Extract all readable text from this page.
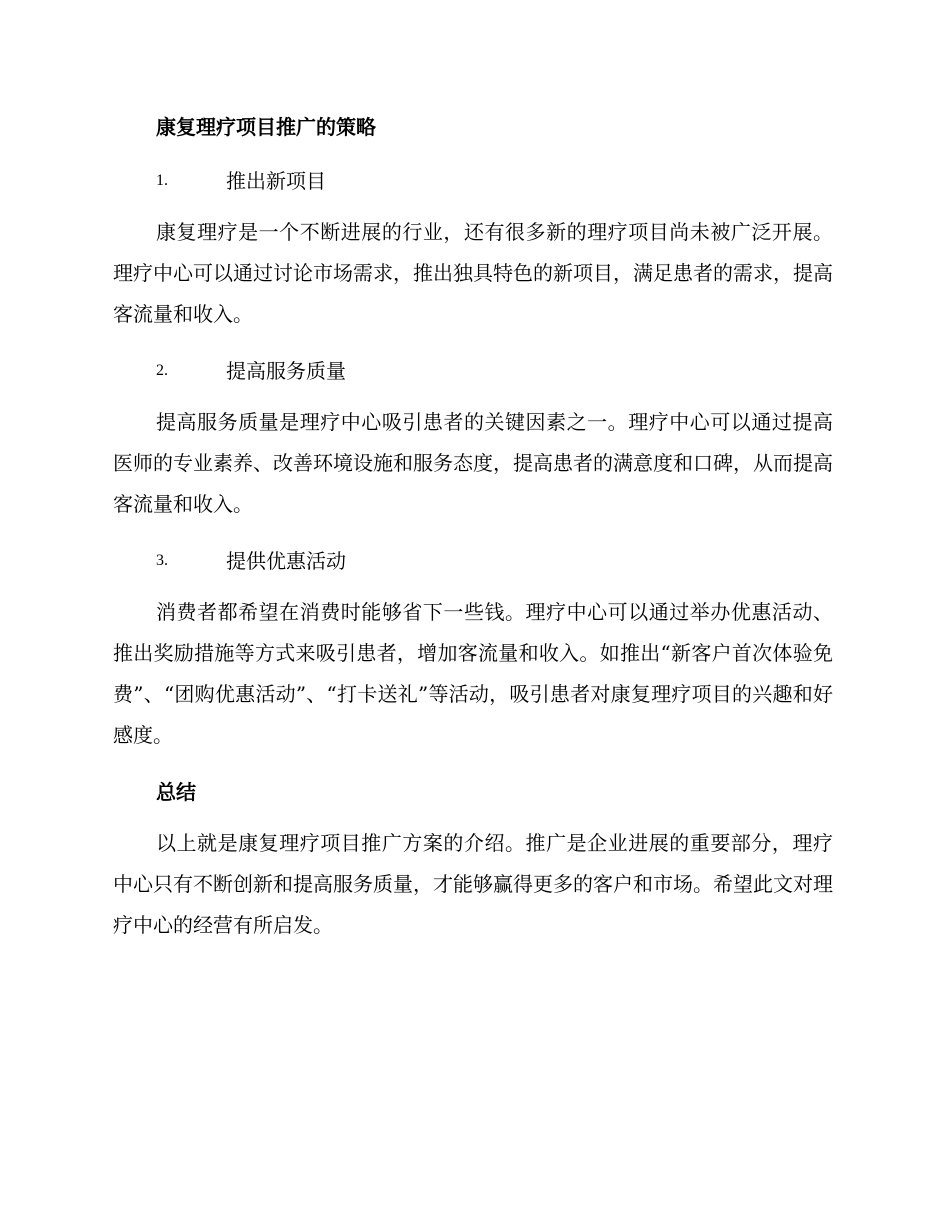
康复理疗项目推广的策略
1.	推出新项目

康复理疗是一个不断进展的行业，还有很多新的理疗项目尚未被广泛开展。理疗中心可以通过讨论市场需求，推出独具特色的新项目，满足患者的需求，提高客流量和收入。

2.	提高服务质量

提高服务质量是理疗中心吸引患者的关键因素之一。理疗中心可以通过提高医师的专业素养、改善环境设施和服务态度，提高患者的满意度和口碑，从而提高客流量和收入。

3.	提供优惠活动

消费者都希望在消费时能够省下一些钱。理疗中心可以通过举办优惠活动、推出奖励措施等方式来吸引患者，增加客流量和收入。如推出“新客户首次体验免费”、“团购优惠活动”、“打卡送礼”等活动，吸引患者对康复理疗项目的兴趣和好感度。

总结

以上就是康复理疗项目推广方案的介绍。推广是企业进展的重要部分，理疗中心只有不断创新和提高服务质量，才能够赢得更多的客户和市场。希望此文对理疗中心的经营有所启发。
